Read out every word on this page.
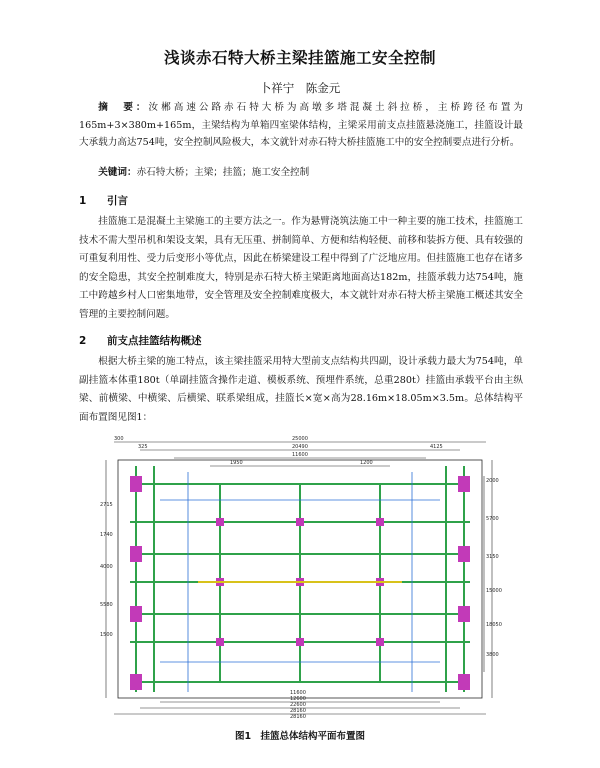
浅谈赤石特大桥主梁挂篮施工安全控制
卜祥宁　陈金元

摘　要：汝郴高速公路赤石特大桥为高墩多塔混凝土斜拉桥，主桥跨径布置为165m+3×380m+165m，主梁结构为单箱四室梁体结构，主梁采用前支点挂篮悬浇施工，挂篮设计最大承载力高达754吨，安全控制风险极大，本文就针对赤石特大桥挂篮施工中的安全控制要点进行分析。

关键词：赤石特大桥；主梁；挂篮；施工安全控制

1 引言

挂篮施工是混凝土主梁施工的主要方法之一。作为悬臂浇筑法施工中一种主要的施工技术，挂篮施工技术不需大型吊机和架设支架，具有无压重、拼制简单、方便和结构轻便、前移和装拆方便、具有较强的可重复利用性、受力后变形小等优点，因此在桥梁建设工程中得到了广泛地应用。但挂篮施工也存在诸多的安全隐患，其安全控制难度大，特别是赤石特大桥主梁距离地面高达182m，挂篮承载力达754吨，施工中跨越乡村人口密集地带，安全管理及安全控制难度极大，本文就针对赤石特大桥主梁施工概述其安全管理的主要控制问题。

2 前支点挂篮结构概述

根据大桥主梁的施工特点，该主梁挂篮采用特大型前支点结构共四副，设计承载力最大为754吨，单副挂篮本体重180t（单副挂篮含操作走道、模板系统、预埋件系统，总重280t）挂篮由承载平台由主纵梁、前横梁、中横梁、后横梁、联系梁组成，挂篮长×宽×高为28.16m×18.05m×3.5m。总体结构平面布置图见图1：

300
325
25000
20490
11600
1950	1200
4125
2000
5700
3150
15000
18050
3800
2715
1740
4000
5580
1500
11600
12600
22600
28160
28160
图1　挂篮总体结构平面布置图
